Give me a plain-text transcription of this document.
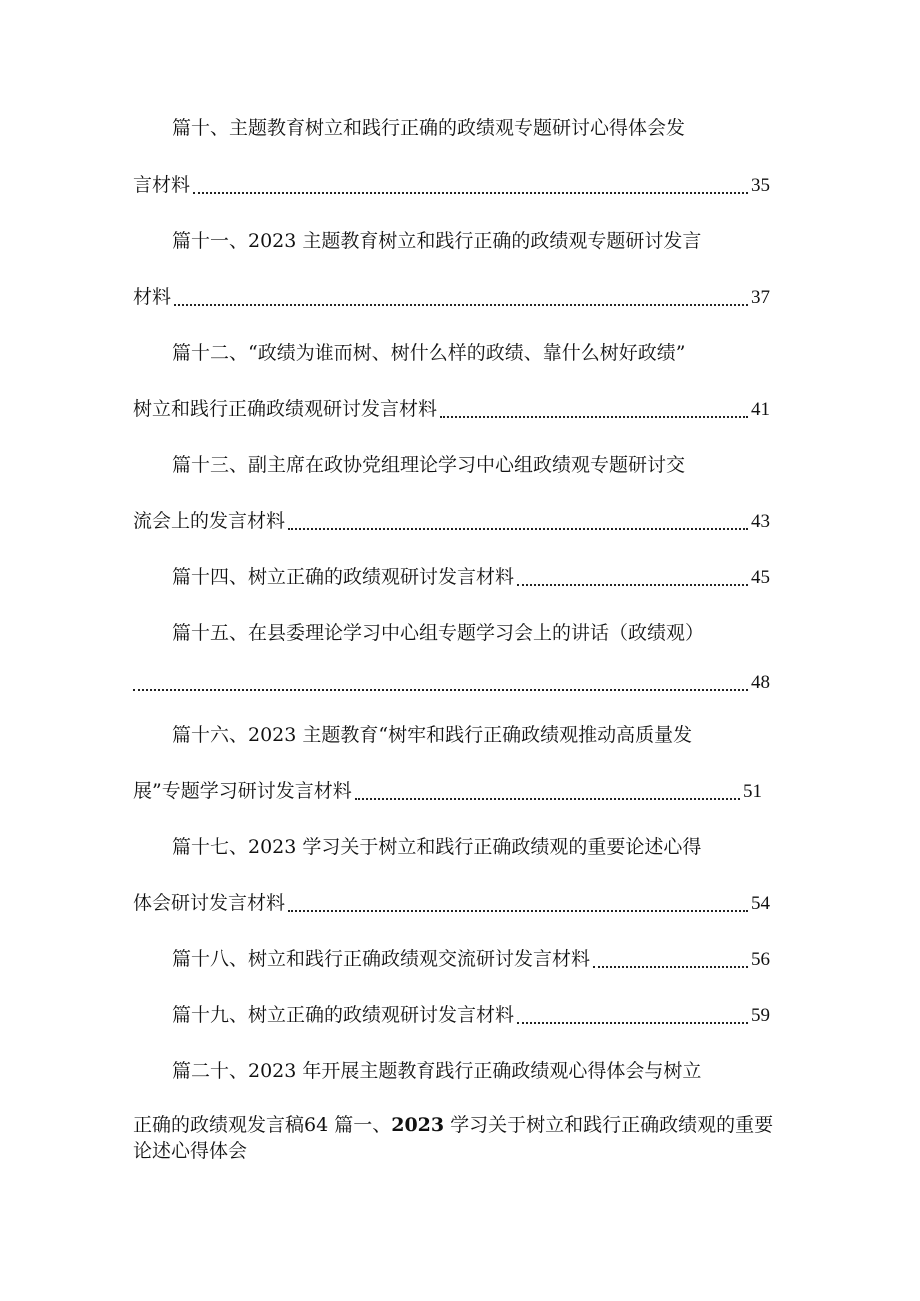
篇十、主题教育树立和践行正确的政绩观专题研讨心得体会发
言材料	35
篇十一、2023 主题教育树立和践行正确的政绩观专题研讨发言
材料	37
篇十二、“政绩为谁而树、树什么样的政绩、靠什么树好政绩”
树立和践行正确政绩观研讨发言材料	41
篇十三、副主席在政协党组理论学习中心组政绩观专题研讨交
流会上的发言材料	43
篇十四、树立正确的政绩观研讨发言材料	45
篇十五、在县委理论学习中心组专题学习会上的讲话（政绩观）
48
篇十六、2023 主题教育“树牢和践行正确政绩观推动高质量发
展”专题学习研讨发言材料	51
篇十七、2023 学习关于树立和践行正确政绩观的重要论述心得
体会研讨发言材料	54
篇十八、树立和践行正确政绩观交流研讨发言材料	56
篇十九、树立正确的政绩观研讨发言材料	59
篇二十、2023 年开展主题教育践行正确政绩观心得体会与树立
正确的政绩观发言稿64 篇一、2023 学习关于树立和践行正确政绩观的重要
论述心得体会
